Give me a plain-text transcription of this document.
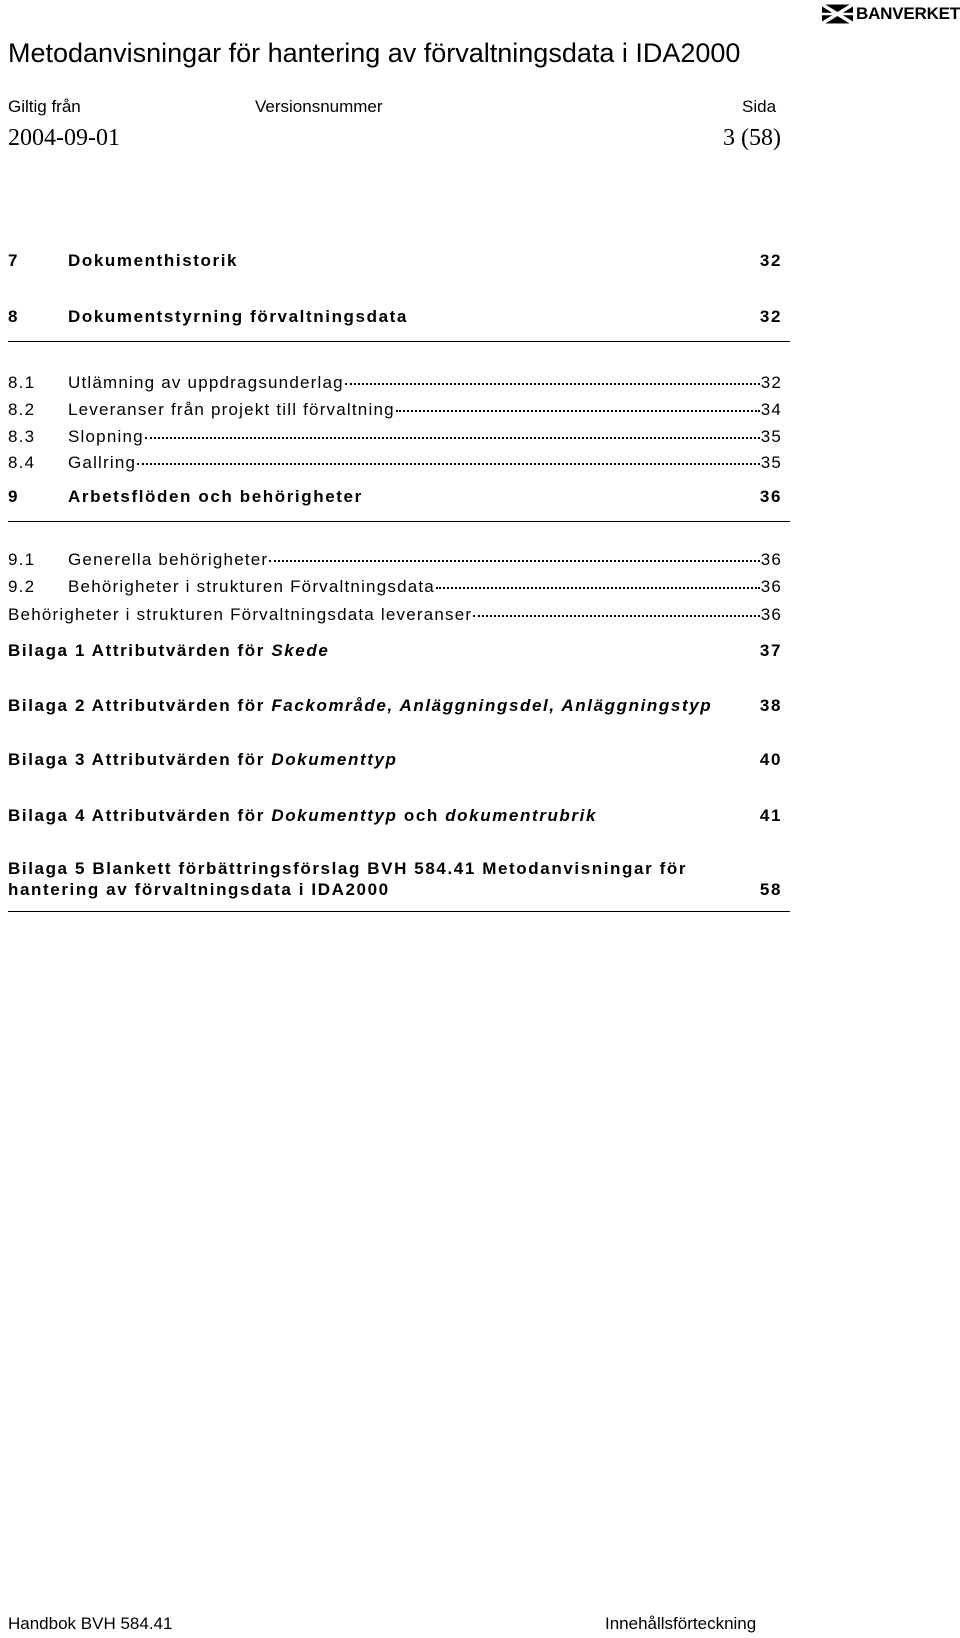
BANVERKET
Metodanvisningar för hantering av förvaltningsdata i IDA2000
Giltig från	Versionsnummer	Sida
2004-09-01	3 (58)
7	Dokumenthistorik	32
8	Dokumentstyrning förvaltningsdata	32
8.1	Utlämning av uppdragsunderlag	32
8.2	Leveranser från projekt till förvaltning	34
8.3	Slopning	35
8.4	Gallring	35
9	Arbetsflöden och behörigheter	36
9.1	Generella behörigheter	36
9.2	Behörigheter i strukturen Förvaltningsdata	36
Behörigheter i strukturen Förvaltningsdata leveranser	36
Bilaga 1 Attributvärden för Skede	37
Bilaga 2 Attributvärden för Fackområde, Anläggningsdel, Anläggningstyp	38
Bilaga 3 Attributvärden för Dokumenttyp	40
Bilaga 4 Attributvärden för Dokumenttyp och dokumentrubrik	41
Bilaga 5 Blankett förbättringsförslag BVH 584.41 Metodanvisningar för
hantering av förvaltningsdata i IDA2000	58
Handbok BVH 584.41	Innehållsförteckning
